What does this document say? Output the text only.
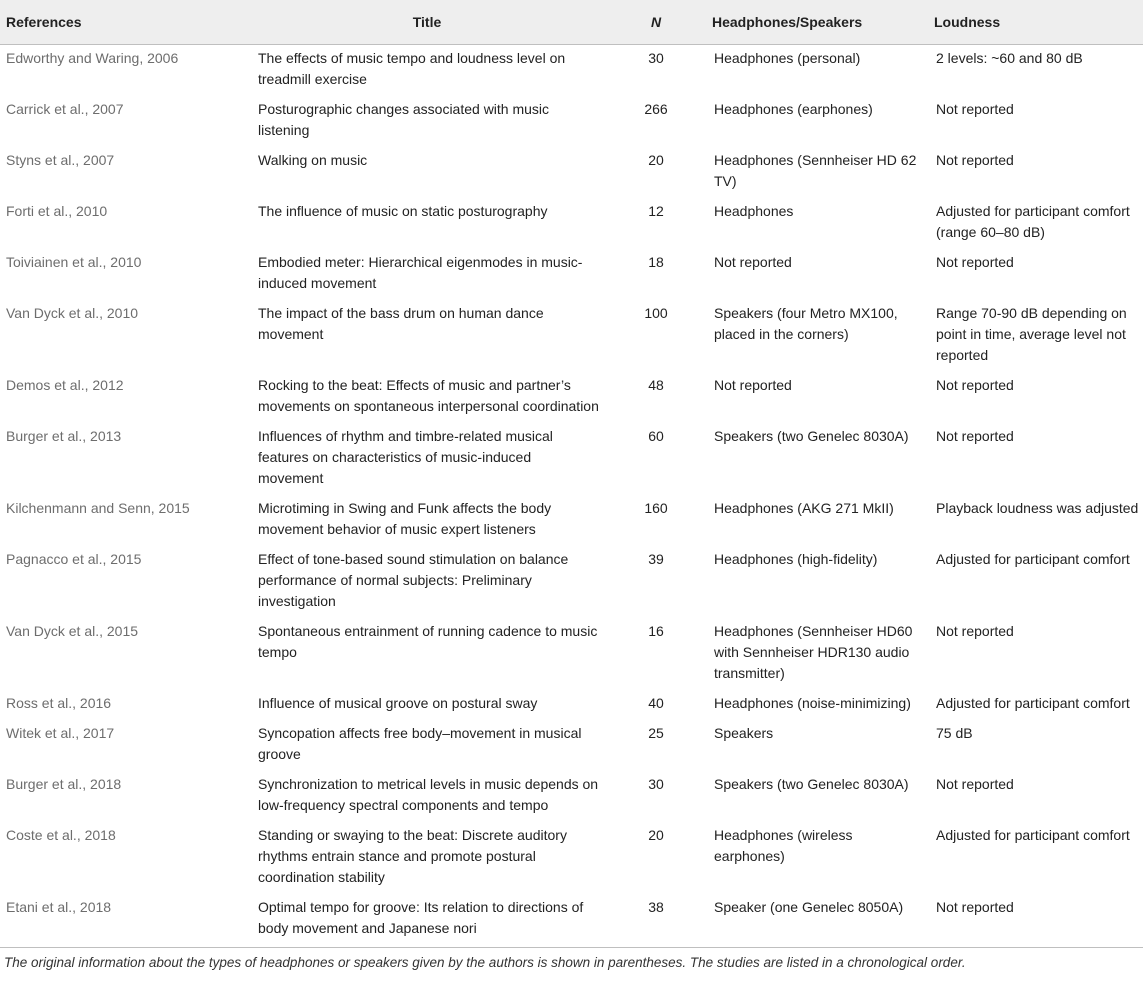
References	Title	N	Headphones/Speakers	Loudness
Edworthy and Waring, 2006	The effects of music tempo and loudness level on treadmill exercise	30	Headphones (personal)	2 levels: ~60 and 80 dB
Carrick et al., 2007	Posturographic changes associated with music listening	266	Headphones (earphones)	Not reported
Styns et al., 2007	Walking on music	20	Headphones (Sennheiser HD 62 TV)	Not reported
Forti et al., 2010	The influence of music on static posturography	12	Headphones	Adjusted for participant comfort (range 60–80 dB)
Toiviainen et al., 2010	Embodied meter: Hierarchical eigenmodes in music-induced movement	18	Not reported	Not reported
Van Dyck et al., 2010	The impact of the bass drum on human dance movement	100	Speakers (four Metro MX100, placed in the corners)	Range 70-90 dB depending on point in time, average level not reported
Demos et al., 2012	Rocking to the beat: Effects of music and partner’s movements on spontaneous interpersonal coordination	48	Not reported	Not reported
Burger et al., 2013	Influences of rhythm and timbre-related musical features on characteristics of music-induced movement	60	Speakers (two Genelec 8030A)	Not reported
Kilchenmann and Senn, 2015	Microtiming in Swing and Funk affects the body movement behavior of music expert listeners	160	Headphones (AKG 271 MkII)	Playback loudness was adjusted
Pagnacco et al., 2015	Effect of tone-based sound stimulation on balance performance of normal subjects: Preliminary investigation	39	Headphones (high-fidelity)	Adjusted for participant comfort
Van Dyck et al., 2015	Spontaneous entrainment of running cadence to music tempo	16	Headphones (Sennheiser HD60 with Sennheiser HDR130 audio transmitter)	Not reported
Ross et al., 2016	Influence of musical groove on postural sway	40	Headphones (noise-minimizing)	Adjusted for participant comfort
Witek et al., 2017	Syncopation affects free body–movement in musical groove	25	Speakers	75 dB
Burger et al., 2018	Synchronization to metrical levels in music depends on low-frequency spectral components and tempo	30	Speakers (two Genelec 8030A)	Not reported
Coste et al., 2018	Standing or swaying to the beat: Discrete auditory rhythms entrain stance and promote postural coordination stability	20	Headphones (wireless earphones)	Adjusted for participant comfort
Etani et al., 2018	Optimal tempo for groove: Its relation to directions of body movement and Japanese nori	38	Speaker (one Genelec 8050A)	Not reported
The original information about the types of headphones or speakers given by the authors is shown in parentheses. The studies are listed in a chronological order.
